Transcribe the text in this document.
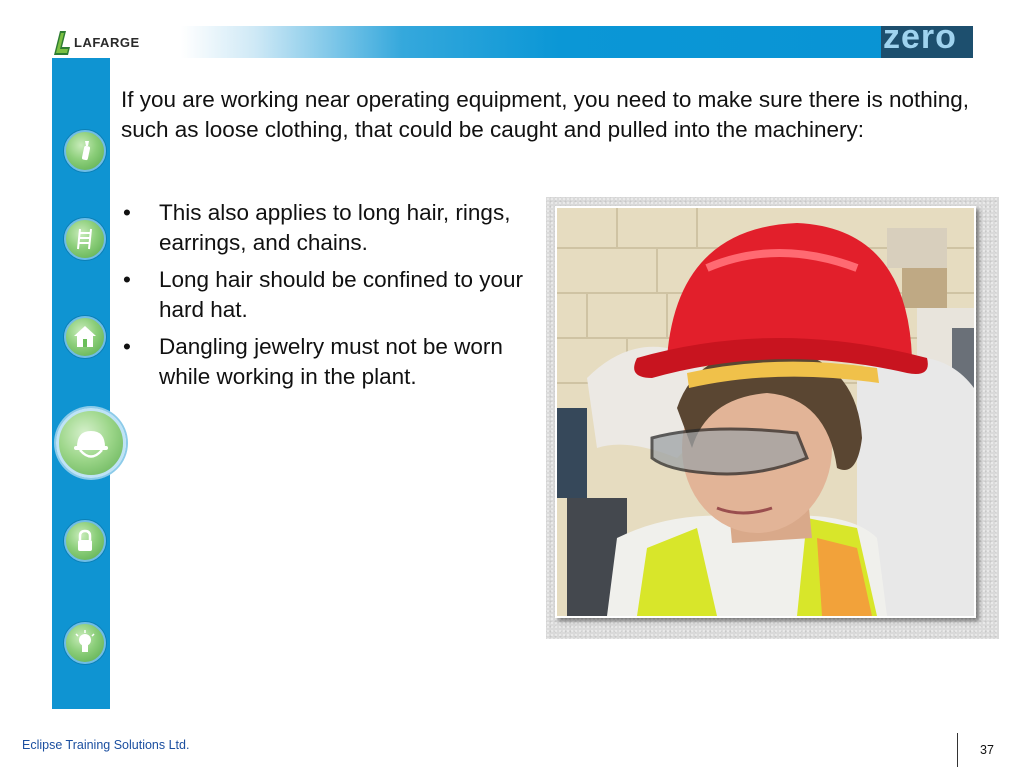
LAFARGE	zero
If you are working near operating equipment, you need to make sure there is nothing, such as loose clothing, that could be caught and pulled into the machinery:
• This also applies to long hair, rings, earrings, and chains.
• Long hair should be confined to your hard hat.
• Dangling jewelry must not be worn while working in the plant.
Eclipse Training Solutions Ltd.	37
